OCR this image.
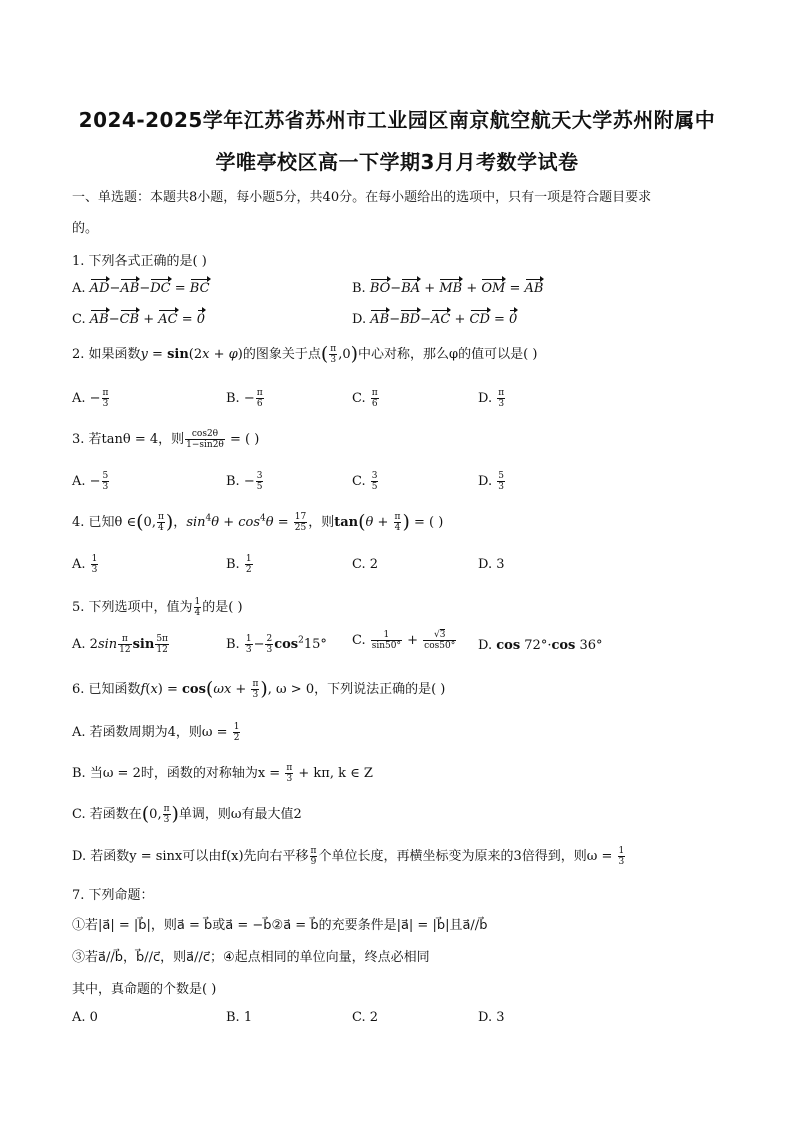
2024-2025学年江苏省苏州市工业园区南京航空航天大学苏州附属中
学唯亭校区高一下学期3月月考数学试卷
一、单选题：本题共8小题，每小题5分，共40分。在每小题给出的选项中，只有一项是符合题目要求
的。
1. 下列各式正确的是( )
A. AD−AB−DC = BC	B. BO−BA + MB + OM = AB
C. AB−CB + AC = 0	D. AB−BD−AC + CD = 0
2. 如果函数y = sin(2x + φ)的图象关于点( $\frac{\pi}{3} ,0$)中心对称，那么φ的值可以是( )
A. − $\frac{\pi}{3}$	B. − $\frac{\pi}{6}$	C. $\frac{\pi}{6}$	D. $\frac{\pi}{3}$
3. 若tanθ = 4，则 $\frac{\cos 2\theta}{1-\sin 2\theta}$ = ( )
A. − $\frac{5}{3}$	B. − $\frac{3}{5}$	C. $\frac{3}{5}$	D. $\frac{5}{3}$
4. 已知θ ∈(0, $\frac{\pi}{4}$ )，$\sin^4\theta + \cos^4\theta = \frac{17}{25}$ ，则$\tan(\theta + \frac{\pi}{4}$ ) = ( )
A. $\frac{1}{3}$	B. $\frac{1}{2}$	C. 2	D. 3
5. 下列选项中，值为 $\frac{1}{4}$ 的是( )
A. $2\sin \frac{\pi}{12}$ $\sin \frac{5\pi}{12}$	B. $\frac{1}{3} - \frac{2}{3} \cos^215^\circ$ C. $\frac{1}{\sin 50^\circ} + \frac{√3}{\cos 50^\circ} D$. cos 72°·cos 36°
6. 已知函数$f(x) = \cos(\omega x + \frac{\pi}{3}$ ), ω > 0，下列说法正确的是( )
A. 若函数周期为4，则$\omega = \frac{1}{2}$
B. 当ω = 2时，函数的对称轴为$x = \frac{\pi}{3} + k\pi$, k ∈ Z
C. 若函数在(0, $\frac{\pi}{3}$ )单调，则ω有最大值2
D. 若函数y = sinx可以由f(x)先向右平移 $\frac{\pi}{9}$ 个单位长度，再横坐标变为原来的3倍得到，则$\omega = \frac{1}{3}$
7. 下列命题：
①若|a⃗| = |b⃗|，则a⃗ = b⃗或a⃗ = −b⃗②a⃗ = b⃗的充要条件是|a⃗| = |b⃗|且a⃗//b⃗
③若a⃗//b⃗，b⃗//c⃗，则a⃗//c⃗；④起点相同的单位向量，终点必相同
其中，真命题的个数是( )
A. 0	B. 1	C. 2	D. 3
